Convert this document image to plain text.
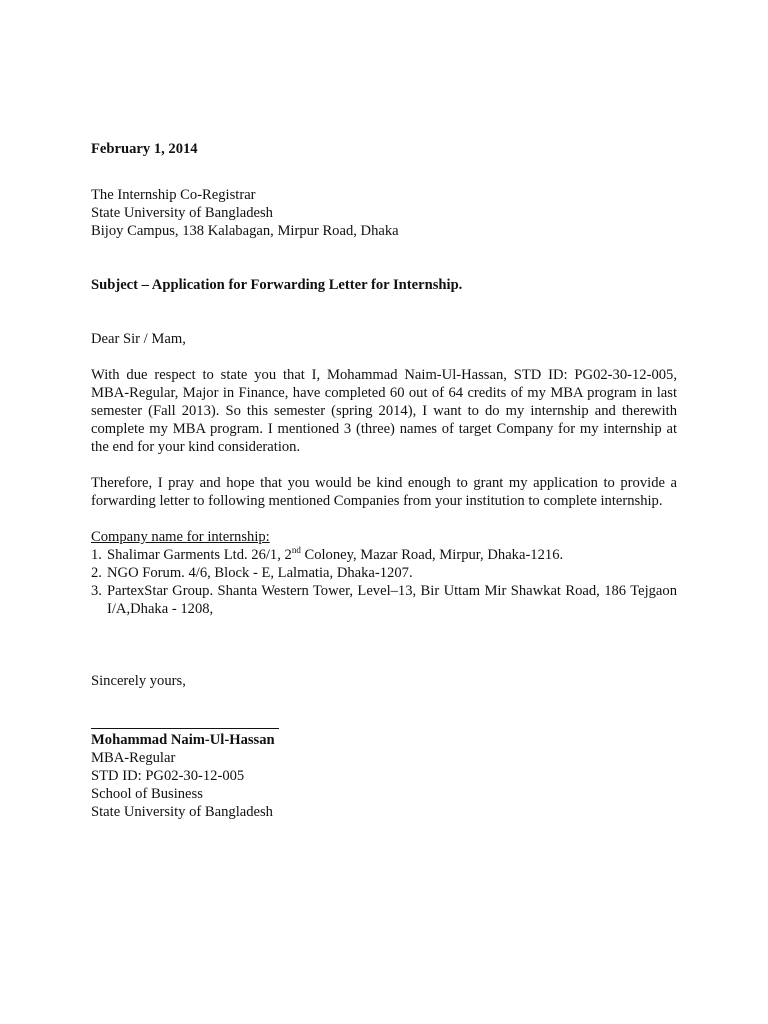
February 1, 2014

The Internship Co-Registrar

State University of Bangladesh

Bijoy Campus, 138 Kalabagan, Mirpur Road, Dhaka

Subject – Application for Forwarding Letter for Internship.

Dear Sir / Mam,

With due respect to state you that I, Mohammad Naim-Ul-Hassan, STD ID: PG02-30-12-005, MBA-Regular, Major in Finance, have completed 60 out of 64 credits of my MBA program in last semester (Fall 2013). So this semester (spring 2014), I want to do my internship and therewith complete my MBA program. I mentioned 3 (three) names of target Company for my internship at the end for your kind consideration.

Therefore, I pray and hope that you would be kind enough to grant my application to provide a forwarding letter to following mentioned Companies from your institution to complete internship.

Company name for internship:
1. Shalimar Garments Ltd. 26/1, 2nd Coloney, Mazar Road, Mirpur, Dhaka-1216.
2. NGO Forum. 4/6, Block - E, Lalmatia, Dhaka-1207.
3. PartexStar Group. Shanta Western Tower, Level–13, Bir Uttam Mir Shawkat Road, 186 Tejgaon I/A,Dhaka - 1208,

Sincerely yours,

Mohammad Naim-Ul-Hassan

MBA-Regular

STD ID: PG02-30-12-005

School of Business

State University of Bangladesh
